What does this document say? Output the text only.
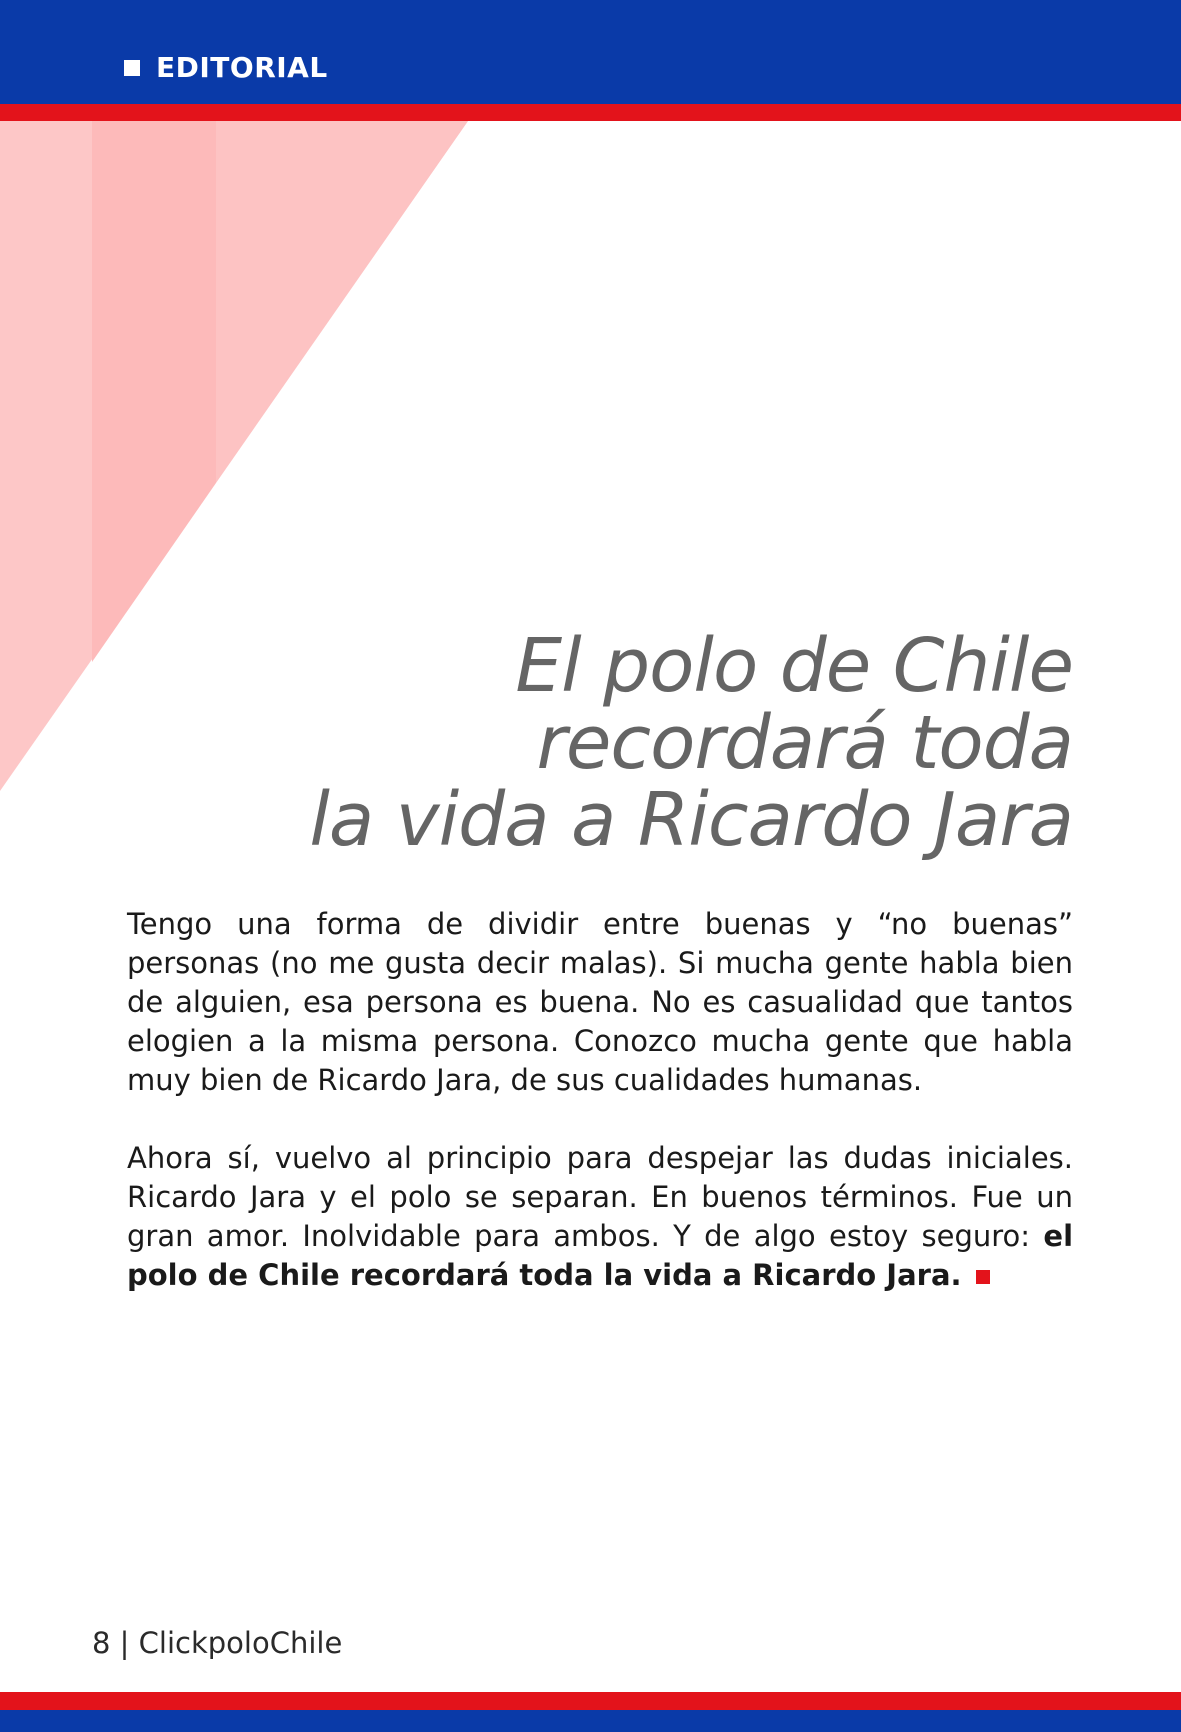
EDITORIAL
El polo de Chile
recordará toda
la vida a Ricardo Jara

Tengo una forma de dividir entre buenas y “no buenas” personas (no me gusta decir malas). Si mucha gente habla bien de alguien, esa persona es buena. No es casualidad que tantos elogien a la misma persona. Conozco mucha gente que habla muy bien de Ricardo Jara, de sus cualidades humanas.

Ahora sí, vuelvo al principio para despejar las dudas iniciales. Ricardo Jara y el polo se separan. En buenos términos. Fue un gran amor. Inolvidable para ambos. Y de algo estoy seguro: el polo de Chile recordará toda la vida a Ricardo Jara.

8 | ClickpoloChile
